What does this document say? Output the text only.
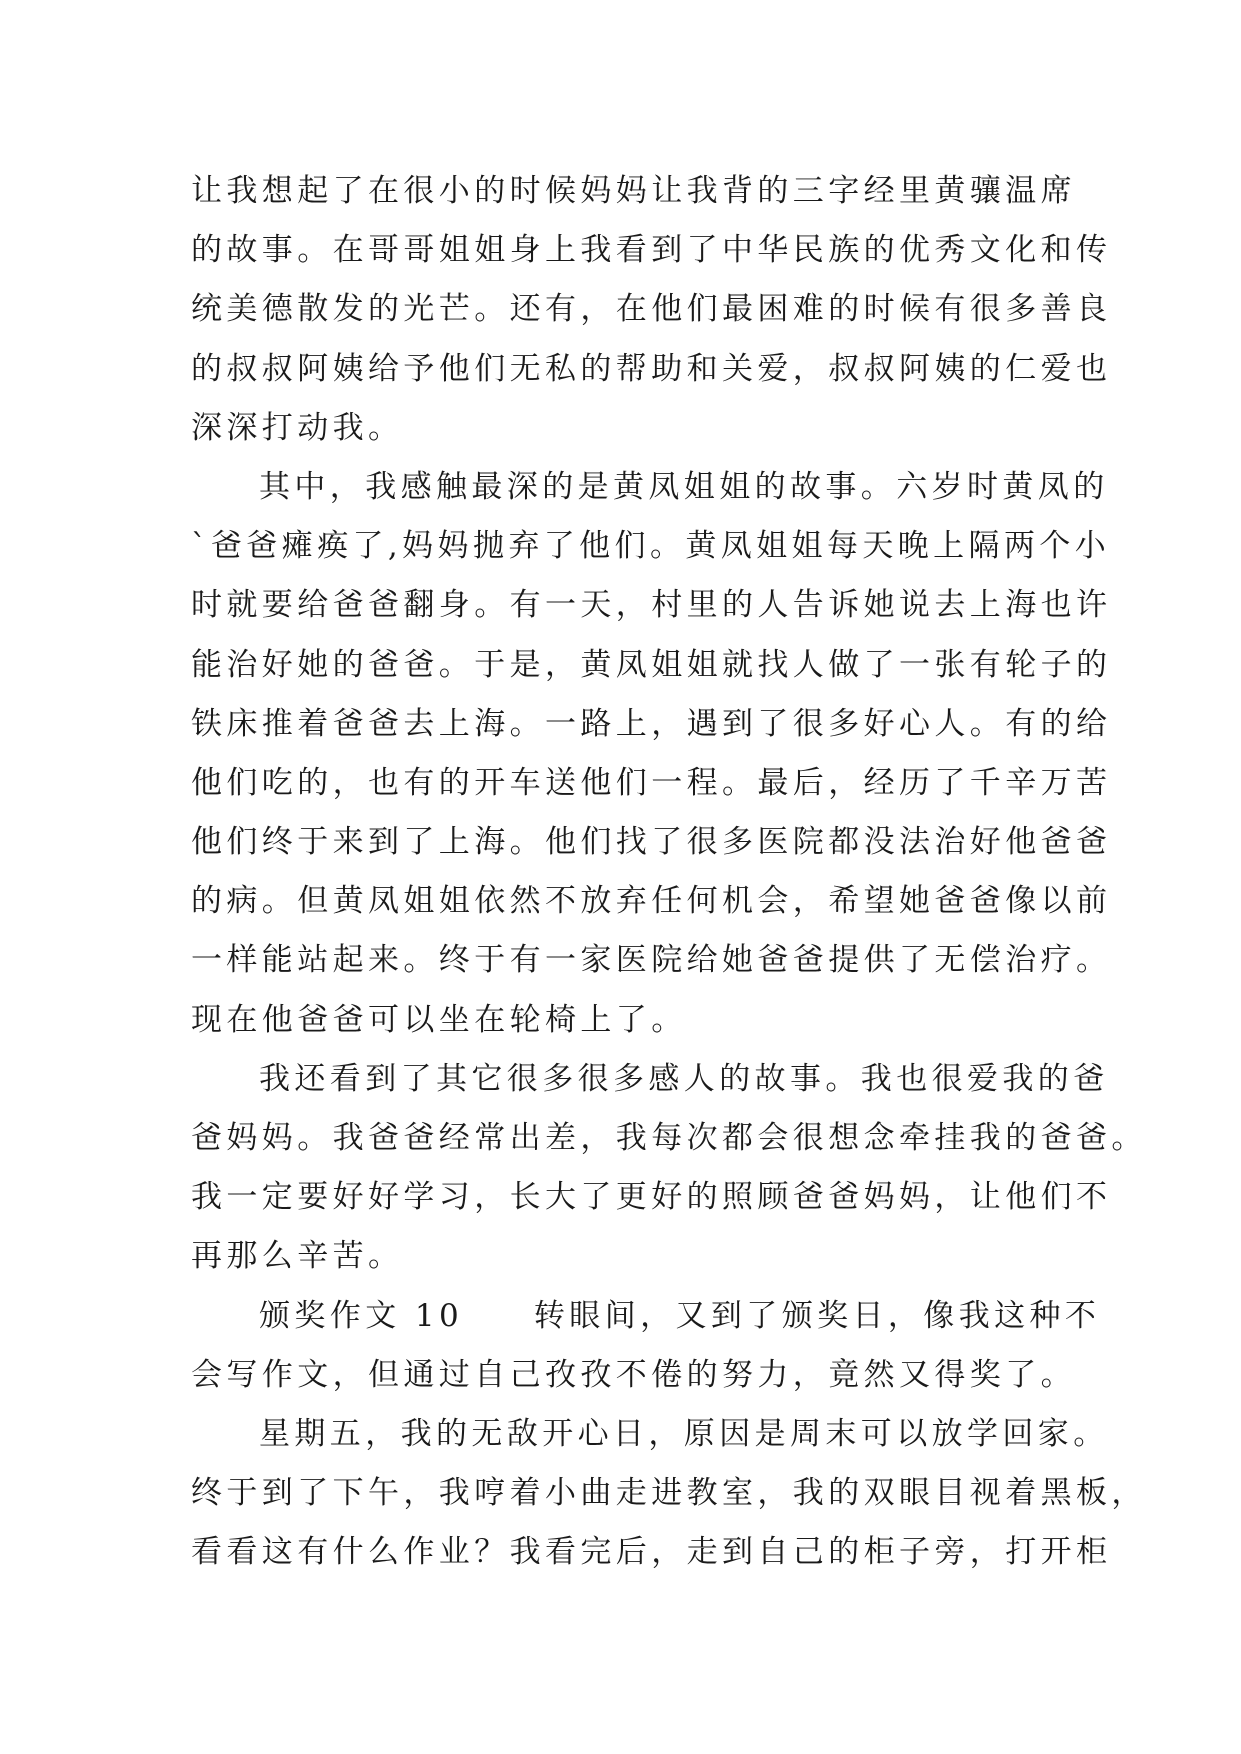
让我想起了在很小的时候妈妈让我背的三字经里黄骧温席
的故事。在哥哥姐姐身上我看到了中华民族的优秀文化和传
统美德散发的光芒。还有，在他们最困难的时候有很多善良
的叔叔阿姨给予他们无私的帮助和关爱，叔叔阿姨的仁爱也
深深打动我。
其中，我感触最深的是黄凤姐姐的故事。六岁时黄凤的
`爸爸瘫痪了,妈妈抛弃了他们。黄凤姐姐每天晚上隔两个小
时就要给爸爸翻身。有一天，村里的人告诉她说去上海也许
能治好她的爸爸。于是，黄凤姐姐就找人做了一张有轮子的
铁床推着爸爸去上海。一路上，遇到了很多好心人。有的给
他们吃的，也有的开车送他们一程。最后，经历了千辛万苦
他们终于来到了上海。他们找了很多医院都没法治好他爸爸
的病。但黄凤姐姐依然不放弃任何机会，希望她爸爸像以前
一样能站起来。终于有一家医院给她爸爸提供了无偿治疗。
现在他爸爸可以坐在轮椅上了。
我还看到了其它很多很多感人的故事。我也很爱我的爸
爸妈妈。我爸爸经常出差，我每次都会很想念牵挂我的爸爸。
我一定要好好学习，长大了更好的照顾爸爸妈妈，让他们不
再那么辛苦。
颁奖作文 10　　转眼间，又到了颁奖日，像我这种不
会写作文，但通过自己孜孜不倦的努力，竟然又得奖了。
星期五，我的无敌开心日，原因是周末可以放学回家。
终于到了下午，我哼着小曲走进教室，我的双眼目视着黑板，
看看这有什么作业？我看完后，走到自己的柜子旁，打开柜
